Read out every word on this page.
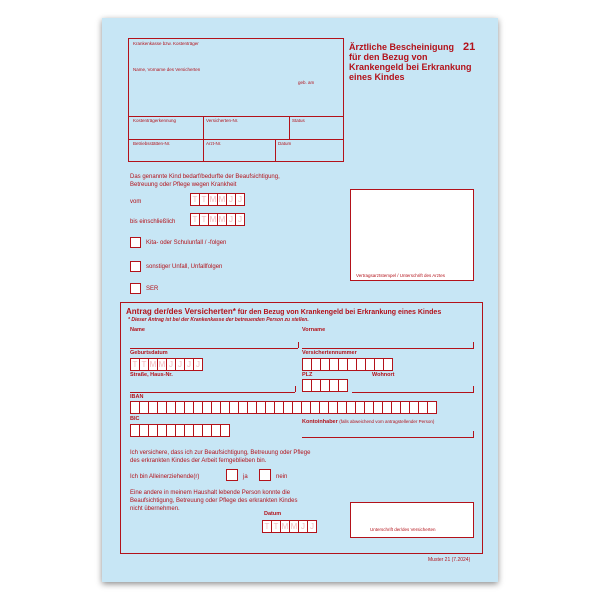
Krankenkasse bzw. Kostenträger
Name, Vorname des Versicherten
geb. am
Kostenträgerkennung	Versicherten-Nr.	Status
Betriebsstätten-Nr.	Arzt-Nr.	Datum
Ärztliche Bescheinigung 21
für den Bezug von
Krankengeld bei Erkrankung
eines Kindes
Das genannte Kind bedarf/bedurfte der Beaufsichtigung,
Betreuung oder Pflege wegen Krankheit
vom	T T M M J J
bis einschließlich	T T M M J J
Kita- oder Schulunfall / -folgen
sonstiger Unfall, Unfallfolgen
SER
Vertragsarztstempel / Unterschrift des Arztes
Antrag der/des Versicherten* für den Bezug von Krankengeld bei Erkrankung eines Kindes
* Dieser Antrag ist bei der Krankenkasse der betreuenden Person zu stellen.
Name	Vorname
Geburtsdatum
T T M M J J J J
Versichertennummer
Straße, Haus-Nr.	PLZ	Wohnort
IBAN
BIC	Kontoinhaber (falls abweichend vom antragstellender Person)
Ich versichere, dass ich zur Beaufsichtigung, Betreuung oder Pflege
des erkrankten Kindes der Arbeit ferngeblieben bin.
Ich bin Alleinerziehende(r)	ja	nein
Eine andere in meinem Haushalt lebende Person konnte die
Beaufsichtigung, Betreuung oder Pflege des erkrankten Kindes
nicht übernehmen.
Datum
T T M M J J	Unterschrift der/des Versicherten
Muster 21 (7.2024)
